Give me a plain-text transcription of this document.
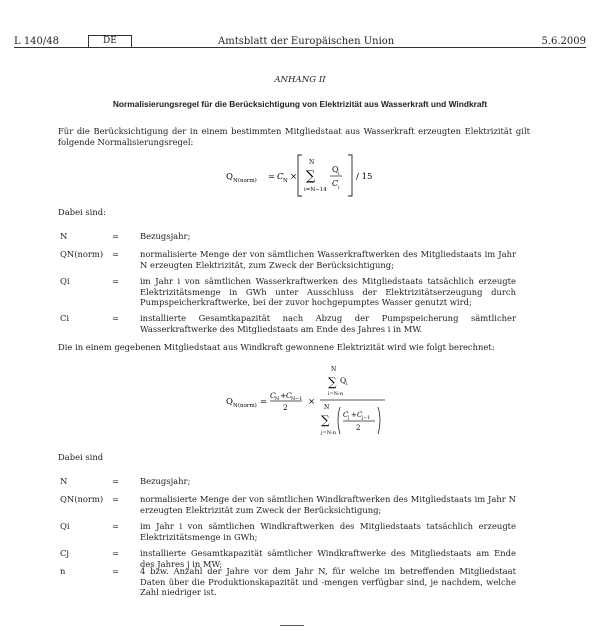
L 140/48	DE	Amtsblatt der Europäischen Union	5.6.2009
ANHANG II
Normalisierungsregel für die Berücksichtigung von Elektrizität aus Wasserkraft und Windkraft
Für die Berücksichtigung der in einem bestimmten Mitgliedstaat aus Wasserkraft erzeugten Elektrizität gilt folgende Normalisierungsregel:
Q N(norm) = C N ×
N
∑
i=N−14
Q i
C i
/ 15
Dabei sind:
N	= Bezugsjahr;
QN(norm) = normalisierte Menge der von sämtlichen Wasserkraftwerken des Mitgliedstaats im Jahr N erzeugten Elektrizität, zum Zweck der Berücksichtigung;
Qi	= im Jahr i von sämtlichen Wasserkraftwerken des Mitgliedstaats tatsächlich erzeugte Elektrizitätsmenge in GWh unter Ausschluss der Elektrizitätserzeugung durch Pumpspeicherkraftwerke, bei der zuvor hochgepumptes Wasser genutzt wird;
Ci	= installierte Gesamtkapazität nach Abzug der Pumpspeicherung sämtlicher Wasserkraftwerke des Mitgliedstaats am Ende des Jahres i in MW.
Die in einem gegebenen Mitgliedstaat aus Windkraft gewonnene Elektrizität wird wie folgt berechnet:
Q N(norm) =
C N + C N−1
2
×
N
∑ Q i
i=N-n
N
∑
j=N-n
C j + C j−1
2
Dabei sind
N	= Bezugsjahr;
QN(norm) = normalisierte Menge der von sämtlichen Windkraftwerken des Mitgliedstaats im Jahr N erzeugten Elektrizität zum Zweck der Berücksichtigung;
Qi	= im Jahr i von sämtlichen Windkraftwerken des Mitgliedstaats tatsächlich erzeugte Elektrizitätsmenge in GWh;
Cj	= installierte Gesamtkapazität sämtlicher Windkraftwerke des Mitgliedstaats am Ende des Jahres j in MW;
n	= 4 bzw. Anzahl der Jahre vor dem Jahr N, für welche im betreffenden Mitgliedstaat Daten über die Produktionskapazität und -mengen verfügbar sind, je nachdem, welche Zahl niedriger ist.
